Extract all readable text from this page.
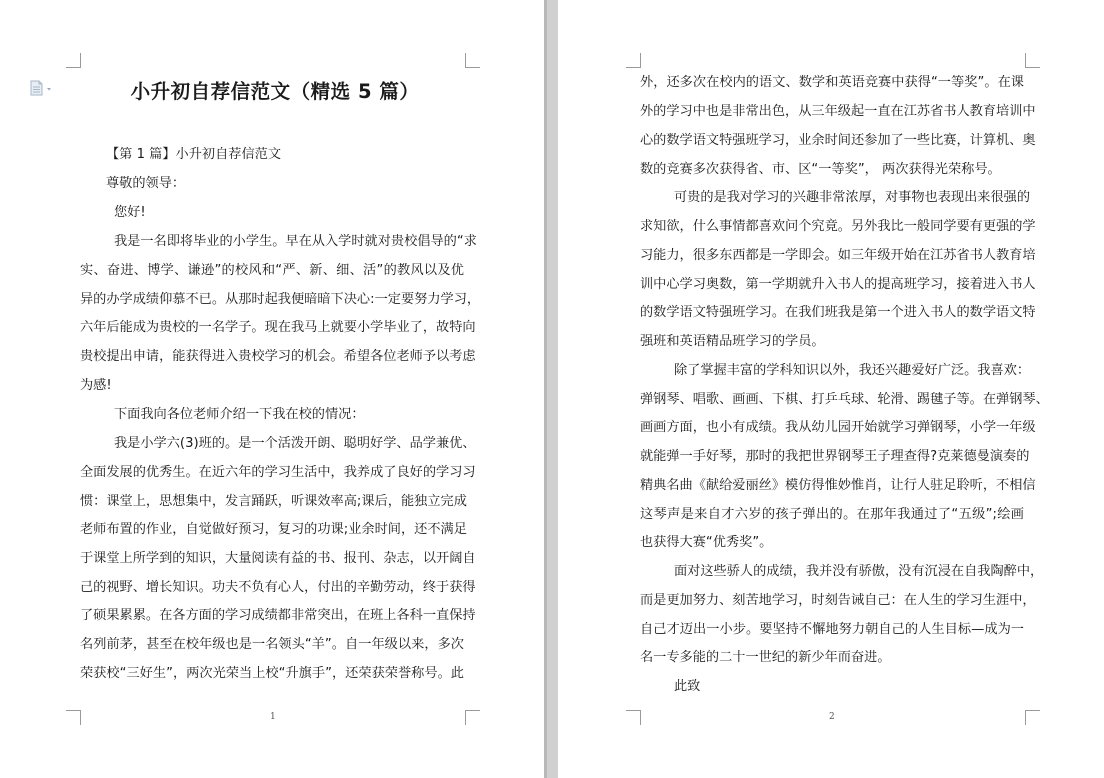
小升初自荐信范文（精选 5 篇）
【第 1 篇】小升初自荐信范文
尊敬的领导：
您好!
我是一名即将毕业的小学生。早在从入学时就对贵校倡导的“求
实、奋进、博学、谦逊”的校风和“严、新、细、活”的教风以及优
异的办学成绩仰慕不已。从那时起我便暗暗下决心:一定要努力学习，
六年后能成为贵校的一名学子。现在我马上就要小学毕业了，故特向
贵校提出申请，能获得进入贵校学习的机会。希望各位老师予以考虑
为感!
下面我向各位老师介绍一下我在校的情况：
我是小学六(3)班的。是一个活泼开朗、聪明好学、品学兼优、
全面发展的优秀生。在近六年的学习生活中，我养成了良好的学习习
惯：课堂上，思想集中，发言踊跃，听课效率高;课后，能独立完成
老师布置的作业，自觉做好预习，复习的功课;业余时间，还不满足
于课堂上所学到的知识，大量阅读有益的书、报刊、杂志，以开阔自
己的视野、增长知识。功夫不负有心人，付出的辛勤劳动，终于获得
了硕果累累。在各方面的学习成绩都非常突出，在班上各科一直保持
名列前茅，甚至在校年级也是一名领头“羊”。自一年级以来，多次
荣获校“三好生”，两次光荣当上校“升旗手”，还荣获荣誉称号。此
1
外，还多次在校内的语文、数学和英语竞赛中获得“一等奖”。在课
外的学习中也是非常出色，从三年级起一直在江苏省书人教育培训中
心的数学语文特强班学习，业余时间还参加了一些比赛，计算机、奥
数的竞赛多次获得省、市、区“一等奖”， 两次获得光荣称号。
可贵的是我对学习的兴趣非常浓厚，对事物也表现出来很强的
求知欲，什么事情都喜欢问个究竟。另外我比一般同学要有更强的学
习能力，很多东西都是一学即会。如三年级开始在江苏省书人教育培
训中心学习奥数，第一学期就升入书人的提高班学习，接着进入书人
的数学语文特强班学习。在我们班我是第一个进入书人的数学语文特
强班和英语精品班学习的学员。
除了掌握丰富的学科知识以外，我还兴趣爱好广泛。我喜欢：
弹钢琴、唱歌、画画、下棋、打乒乓球、轮滑、踢毽子等。在弹钢琴、
画画方面，也小有成绩。我从幼儿园开始就学习弹钢琴，小学一年级
就能弹一手好琴，那时的我把世界钢琴王子理查得?克莱德曼演奏的
精典名曲《献给爱丽丝》模仿得惟妙惟肖，让行人驻足聆听，不相信
这琴声是来自才六岁的孩子弹出的。在那年我通过了“五级”;绘画
也获得大赛“优秀奖”。
面对这些骄人的成绩，我并没有骄傲，没有沉浸在自我陶醉中，
而是更加努力、刻苦地学习，时刻告诫自己：在人生的学习生涯中，
自己才迈出一小步。要坚持不懈地努力朝自己的人生目标—成为一
名一专多能的二十一世纪的新少年而奋进。
此致
2
